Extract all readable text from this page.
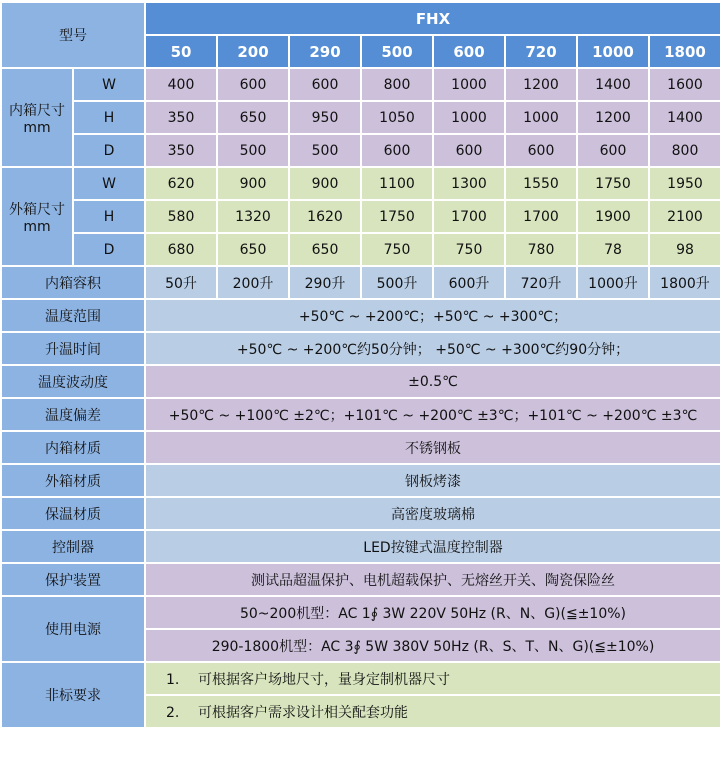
型号		FHX							
		50	200	290	500	600	720	1000	1800
内箱尺寸
mm	W	400	600	600	800	1000	1200	1400	1600
	H	350	650	950	1050	1000	1000	1200	1400
	D	350	500	500	600	600	600	600	800
外箱尺寸
mm	W	620	900	900	1100	1300	1550	1750	1950
	H	580	1320	1620	1750	1700	1700	1900	2100
	D	680	650	650	750	750	780	78	98
内箱容积		50升	200升	290升	500升	600升	720升	1000升	1800升
温度范围		+50℃ ~ +200℃；+50℃ ~ +300℃；							
升温时间		+50℃ ~ +200℃约50分钟； +50℃ ~ +300℃约90分钟；							
温度波动度		±0.5℃							
温度偏差		+50℃ ~ +100℃ ±2℃；+101℃ ~ +200℃ ±3℃；+101℃ ~ +200℃ ±3℃							
内箱材质		不锈钢板							
外箱材质		钢板烤漆							
保温材质		高密度玻璃棉							
控制器		LED按键式温度控制器							
保护装置		测试品超温保护、电机超载保护、无熔丝开关、陶瓷保险丝							
使用电源		50~200机型：AC 1∮ 3W 220V 50Hz (R、N、G)(≦±10%)							
		290-1800机型：AC 3∮ 5W 380V 50Hz (R、S、T、N、G)(≦±10%)							
非标要求		1. 可根据客户场地尺寸，量身定制机器尺寸							
		2. 可根据客户需求设计相关配套功能							
